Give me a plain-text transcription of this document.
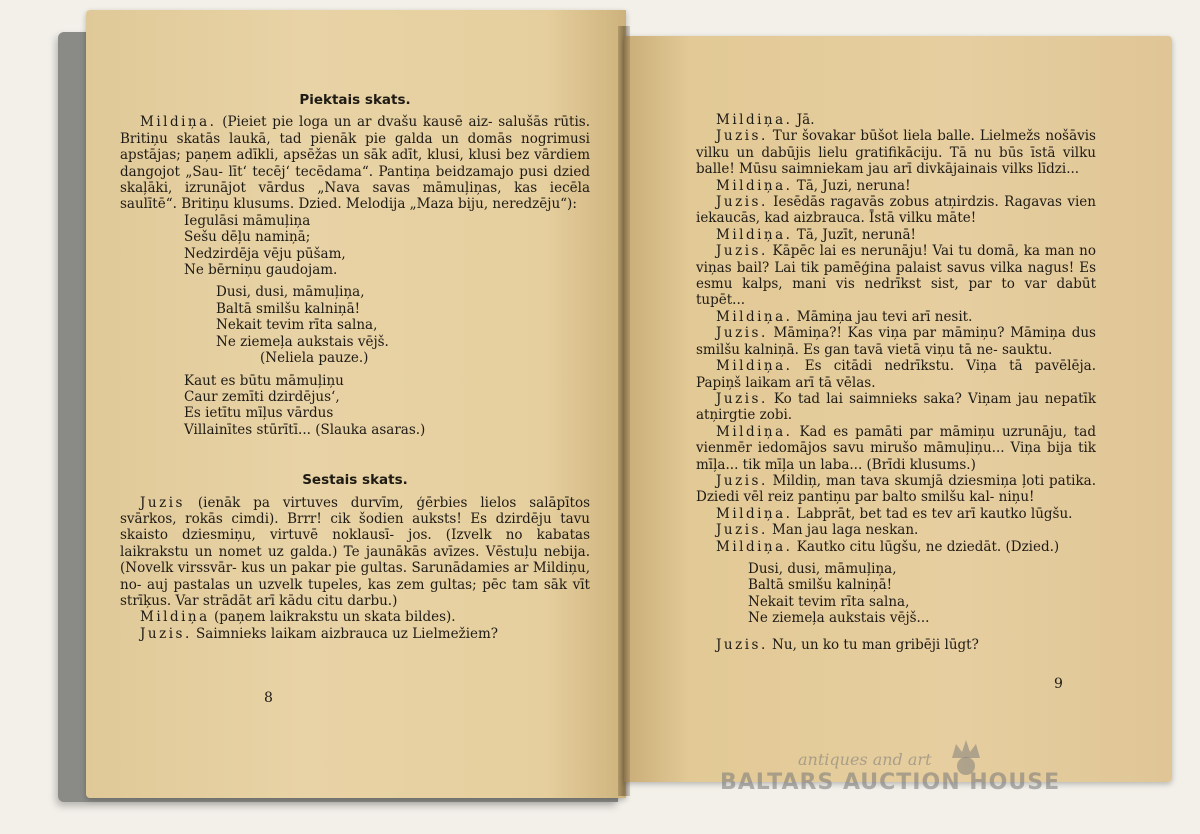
Piektais skats.

Mildiņa. (Pieiet pie loga un ar dvašu kausē aiz- salušās rūtis. Britiņu skatās laukā, tad pienāk pie galda un domās nogrimusi apstājas; paņem adīkli, apsēžas un sāk adīt, klusi, klusi bez vārdiem dangojot „Sau- līt‘ tecēj‘ tecēdama“. Pantiņa beidzamajo pusi dzied skaļāki, izrunājot vārdus „Nava savas māmuļiņas, kas iecēla saulītē“. Britiņu klusums. Dzied. Melodija „Maza biju, neredzēju“):

Iegulāsi māmuļiņa
Sešu dēļu namiņā;
Nedzirdēja vēju pūšam,
Ne bērniņu gaudojam.
Dusi, dusi, māmuļiņa,
Baltā smilšu kalniņā!
Nekait tevim rīta salna,
Ne ziemeļa aukstais vējš.
(Neliela pauze.)
Kaut es būtu māmuļiņu
Caur zemīti dzirdējus‘,
Es ietītu mīļus vārdus
Villainītes stūrītī... (Slauka asaras.)
Sestais skats.

Juzis (ienāk pa virtuves durvīm, ģērbies lielos salāpītos svārkos, rokās cimdi). Brrr! cik šodien auksts! Es dzirdēju tavu skaisto dziesmiņu, virtuvē noklausī- jos. (Izvelk no kabatas laikrakstu un nomet uz galda.) Te jaunākās avīzes. Vēstuļu nebija. (Novelk virssvār- kus un pakar pie gultas. Sarunādamies ar Mildiņu, no- auj pastalas un uzvelk tupeles, kas zem gultas; pēc tam sāk vīt strīķus. Var strādāt arī kādu citu darbu.)

Mildiņa (paņem laikrakstu un skata bildes).

Juzis. Saimnieks laikam aizbrauca uz Lielmežiem?

8

Mildiņa. Jā.

Juzis. Tur šovakar būšot liela balle. Lielmežs nošāvis vilku un dabūjis lielu gratifikāciju. Tā nu būs īstā vilku balle! Mūsu saimniekam jau arī divkājainais vilks līdzi...

Mildiņa. Tā, Juzi, neruna!

Juzis. Iesēdās ragavās zobus atņirdzis. Ragavas vien iekaucās, kad aizbrauca. Īstā vilku māte!

Mildiņa. Tā, Juzīt, nerunā!

Juzis. Kāpēc lai es nerunāju! Vai tu domā, ka man no viņas bail? Lai tik pamēģina palaist savus vilka nagus! Es esmu kalps, mani vis nedrīkst sist, par to var dabūt tupēt...

Mildiņa. Māmiņa jau tevi arī nesit.

Juzis. Māmiņa?! Kas viņa par māmiņu? Māmiņa dus smilšu kalniņā. Es gan tavā vietā viņu tā ne- sauktu.

Mildiņa. Es citādi nedrīkstu. Viņa tā pavēlēja. Papiņš laikam arī tā vēlas.

Juzis. Ko tad lai saimnieks saka? Viņam jau nepatīk atņirgtie zobi.

Mildiņa. Kad es pamāti par māmiņu uzrunāju, tad vienmēr iedomājos savu mirušo māmuļiņu... Viņa bija tik mīļa... tik mīļa un laba... (Brīdi klusums.)

Juzis. Mildiņ, man tava skumjā dziesmiņa ļoti patika. Dziedi vēl reiz pantiņu par balto smilšu kal- niņu!

Mildiņa. Labprāt, bet tad es tev arī kautko lūgšu.

Juzis. Man jau laga neskan.

Mildiņa. Kautko citu lūgšu, ne dziedāt. (Dzied.)

Dusi, dusi, māmuļiņa,
Baltā smilšu kalniņā!
Nekait tevim rīta salna,
Ne ziemeļa aukstais vējš...

Juzis. Nu, un ko tu man gribēji lūgt?

9
antiques and art
BALTARS AUCTION HOUSE
